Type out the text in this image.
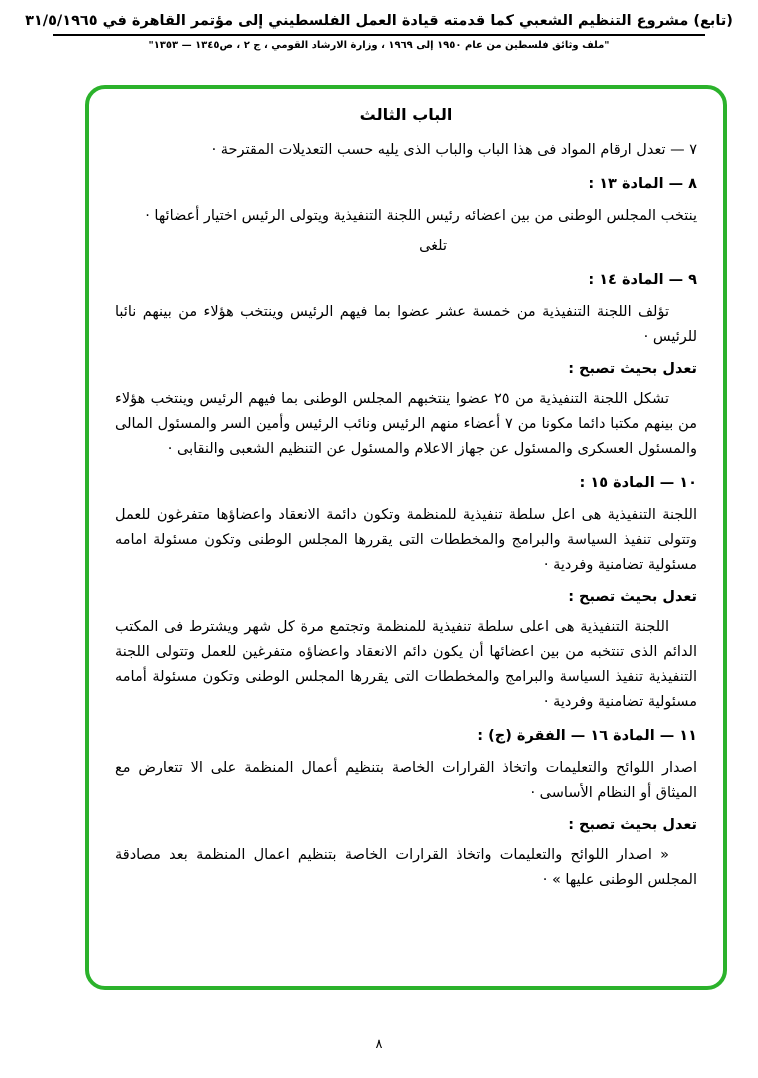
(تابع) مشروع التنظيم الشعبي كما قدمته قيادة العمل الفلسطيني إلى مؤتمر القاهرة في ٣١/٥/١٩٦٥
"ملف وثائق فلسطين من عام ١٩٥٠ إلى ١٩٦٩ ، وزارة الارشاد القومي ، ج ٢ ، ص١٣٤٥ — ١٣٥٣"
الباب الثالث

٧ — تعدل ارقام المواد فى هذا الباب والباب الذى يليه حسب التعديلات المقترحة ·

٨ — المادة ١٣ :

ينتخب المجلس الوطنى من بين اعضائه رئيس اللجنة التنفيذية ويتولى الرئيس اختيار أعضائها ·

تلغى

٩ — المادة ١٤ :

تؤلف اللجنة التنفيذية من خمسة عشر عضوا بما فيهم الرئيس وينتخب هؤلاء من بينهم نائبا للرئيس ·

تعدل بحيث تصبح :

تشكل اللجنة التنفيذية من ٢٥ عضوا ينتخبهم المجلس الوطنى بما فيهم الرئيس وينتخب هؤلاء من بينهم مكتبا دائما مكونا من ٧ أعضاء منهم الرئيس ونائب الرئيس وأمين السر والمسئول المالى والمسئول العسكرى والمسئول عن جهاز الاعلام والمسئول عن التنظيم الشعبى والنقابى ·

١٠ — المادة ١٥ :

اللجنة التنفيذية هى اعل سلطة تنفيذية للمنظمة وتكون دائمة الانعقاد واعضاؤها متفرغون للعمل وتتولى تنفيذ السياسة والبرامج والمخططات التى يقررها المجلس الوطنى وتكون مسئولة امامه مسئولية تضامنية وفردية ·

تعدل بحيث تصبح :

اللجنة التنفيذية هى اعلى سلطة تنفيذية للمنظمة وتجتمع مرة كل شهر ويشترط فى المكتب الدائم الذى تنتخبه من بين اعضائها أن يكون دائم الانعقاد واعضاؤه متفرغين للعمل وتتولى اللجنة التنفيذية تنفيذ السياسة والبرامج والمخططات التى يقررها المجلس الوطنى وتكون مسئولة أمامه مسئولية تضامنية وفردية ·

١١ — المادة ١٦ — الفقرة (ج) :

اصدار اللوائح والتعليمات واتخاذ القرارات الخاصة بتنظيم أعمال المنظمة على الا تتعارض مع الميثاق أو النظام الأساسى ·

تعدل بحيث تصبح :

« اصدار اللوائح والتعليمات واتخاذ القرارات الخاصة بتنظيم اعمال المنظمة بعد مصادقة المجلس الوطنى عليها » ·

٨
